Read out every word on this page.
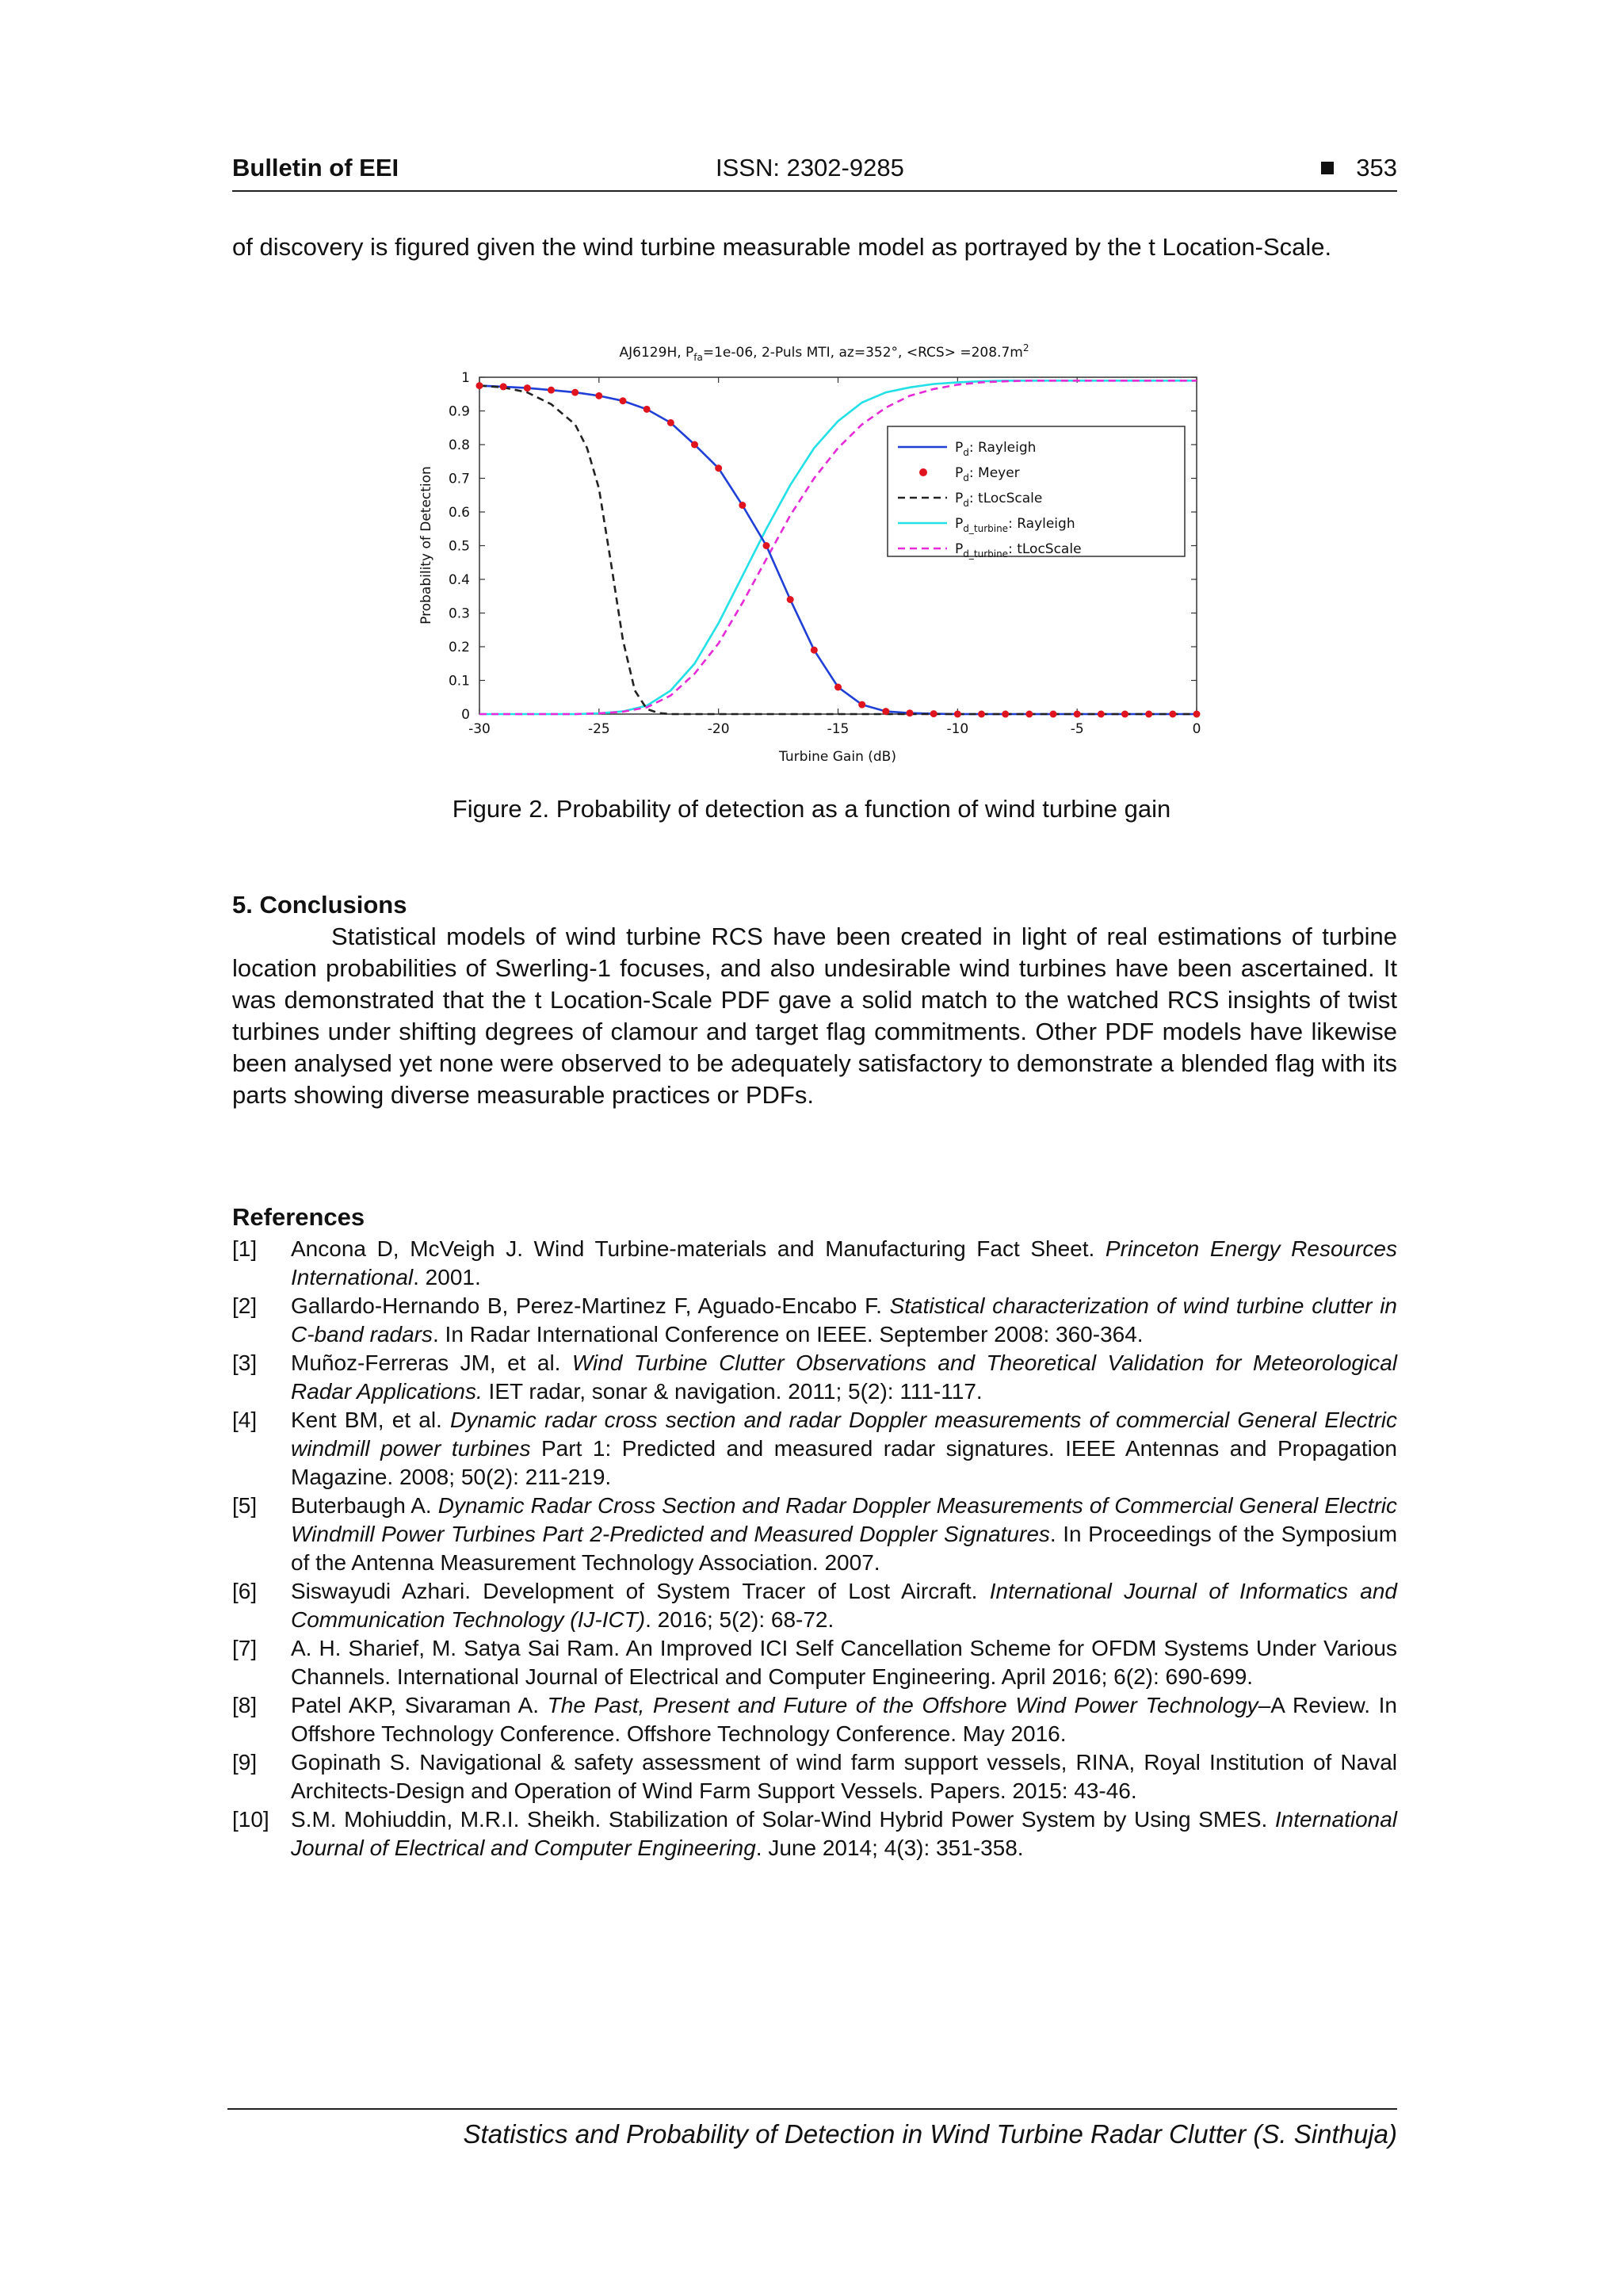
Bulletin of EEI	ISSN: 2302-9285	353
of discovery is figured given the wind turbine measurable model as portrayed by the t Location-Scale.
AJ6129H, $P_{fa}=1e-06$, 2-Puls MTI, az=352°, $<RCS> =208.7m^2$
-30	-25	-20	-15	-10	-5	0
0
0.1
0.2
0.3
0.4
0.5
0.6
0.7
0.8
0.9
1
$P_d$: Rayleigh
$P_d$: Meyer
$P_d$: tLocScale
$P_{d\_turbine}$: Rayleigh
$P_{d\_turbine}$: tLocScale
Turbine Gain (dB)
Probability of Detection
Figure 2. Probability of detection as a function of wind turbine gain
5. Conclusions
Statistical models of wind turbine RCS have been created in light of real estimations of turbine location probabilities of Swerling-1 focuses, and also undesirable wind turbines have been ascertained. It was demonstrated that the t Location-Scale PDF gave a solid match to the watched RCS insights of twist turbines under shifting degrees of clamour and target flag commitments. Other PDF models have likewise been analysed yet none were observed to be adequately satisfactory to demonstrate a blended flag with its parts showing diverse measurable practices or PDFs.
References

[1] Ancona D, McVeigh J. Wind Turbine-materials and Manufacturing Fact Sheet. Princeton Energy Resources International. 2001.

[2] Gallardo-Hernando B, Perez-Martinez F, Aguado-Encabo F. Statistical characterization of wind turbine clutter in C-band radars. In Radar International Conference on IEEE. September 2008: 360-364.

[3] Muñoz-Ferreras JM, et al. Wind Turbine Clutter Observations and Theoretical Validation for Meteorological Radar Applications. IET radar, sonar & navigation. 2011; 5(2): 111-117.

[4] Kent BM, et al. Dynamic radar cross section and radar Doppler measurements of commercial General Electric windmill power turbines Part 1: Predicted and measured radar signatures. IEEE Antennas and Propagation Magazine. 2008; 50(2): 211-219.

[5] Buterbaugh A. Dynamic Radar Cross Section and Radar Doppler Measurements of Commercial General Electric Windmill Power Turbines Part 2-Predicted and Measured Doppler Signatures. In Proceedings of the Symposium of the Antenna Measurement Technology Association. 2007.

[6] Siswayudi Azhari. Development of System Tracer of Lost Aircraft. International Journal of Informatics and Communication Technology (IJ-ICT). 2016; 5(2): 68-72.

[7] A. H. Sharief, M. Satya Sai Ram. An Improved ICI Self Cancellation Scheme for OFDM Systems Under Various Channels. International Journal of Electrical and Computer Engineering. April 2016; 6(2): 690-699.

[8] Patel AKP, Sivaraman A. The Past, Present and Future of the Offshore Wind Power Technology–A Review. In Offshore Technology Conference. Offshore Technology Conference. May 2016.

[9] Gopinath S. Navigational & safety assessment of wind farm support vessels, RINA, Royal Institution of Naval Architects-Design and Operation of Wind Farm Support Vessels. Papers. 2015: 43-46.

[10] S.M. Mohiuddin, M.R.I. Sheikh. Stabilization of Solar-Wind Hybrid Power System by Using SMES. International Journal of Electrical and Computer Engineering. June 2014; 4(3): 351-358.

Statistics and Probability of Detection in Wind Turbine Radar Clutter (S. Sinthuja)
